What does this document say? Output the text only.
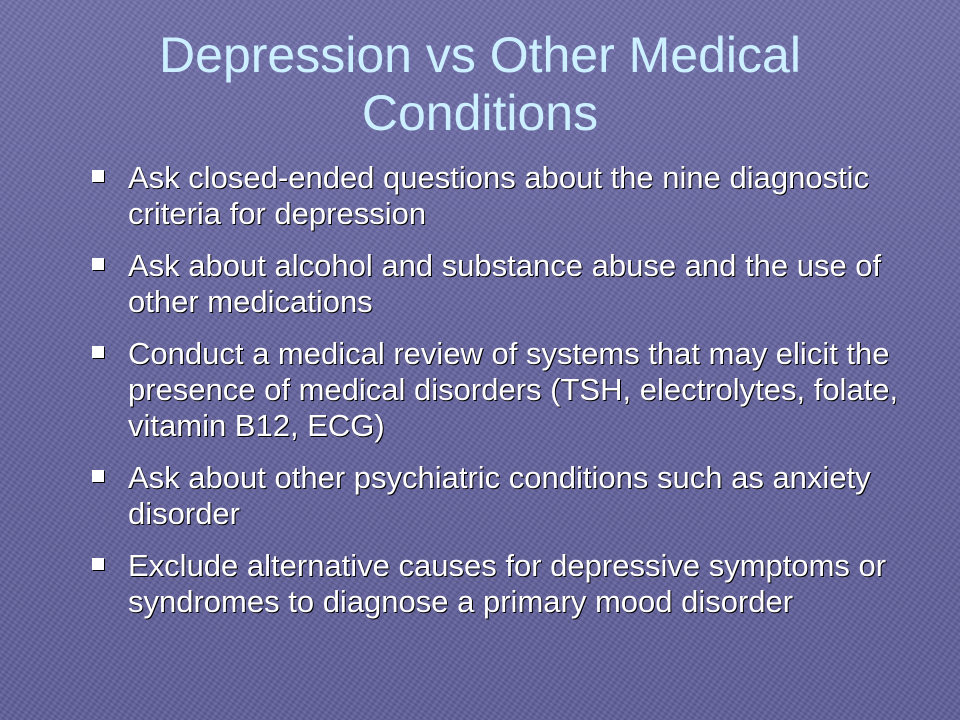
Depression vs Other Medical Conditions
Ask closed-ended questions about the nine diagnostic criteria for depression
Ask about alcohol and substance abuse and the use of other medications
Conduct a medical review of systems that may elicit the presence of medical disorders (TSH, electrolytes, folate, vitamin B12, ECG)
Ask about other psychiatric conditions such as anxiety disorder
Exclude alternative causes for depressive symptoms or syndromes to diagnose a primary mood disorder
